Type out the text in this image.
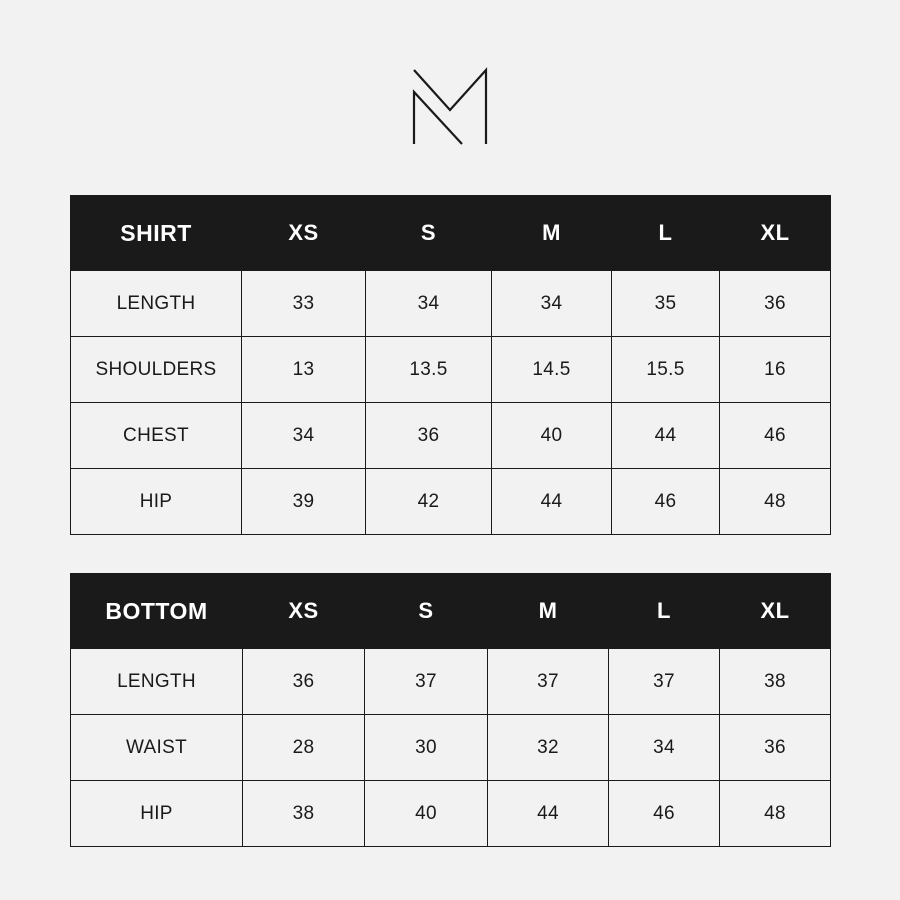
SHIRT	XS	S	M	L	XL
LENGTH	33	34	34	35	36
SHOULDERS	13	13.5	14.5	15.5	16
CHEST	34	36	40	44	46
HIP	39	42	44	46	48
BOTTOM	XS	S	M	L	XL
LENGTH	36	37	37	37	38
WAIST	28	30	32	34	36
HIP	38	40	44	46	48
